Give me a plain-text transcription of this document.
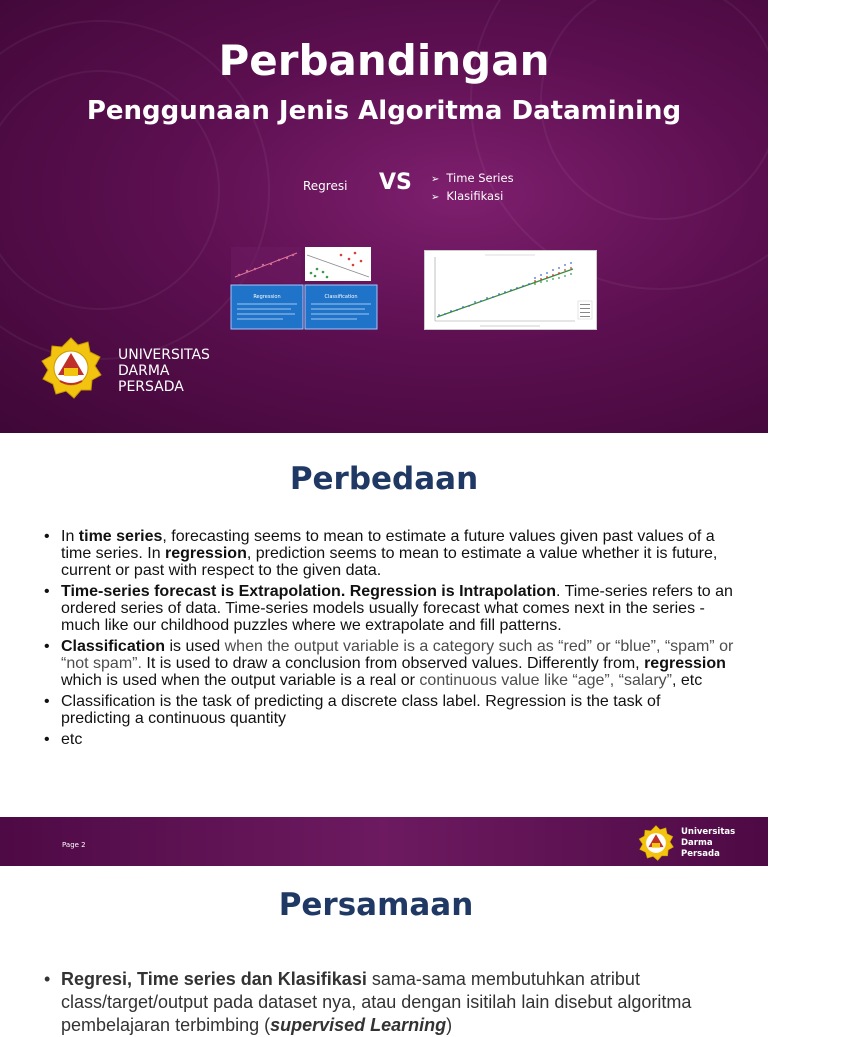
Perbandingan
Penggunaan Jenis Algoritma Datamining
Regresi VS
➢	Time Series
➢ Klasifikasi
Regression	Classification
UNIVERSITAS
DARMA
PERSADA
Perbedaan
• In time series, forecasting seems to mean to estimate a future values given past values of a time series. In regression, prediction seems to mean to estimate a value whether it is future, current or past with respect to the given data.
• Time-series forecast is Extrapolation. Regression is Intrapolation. Time-series refers to an ordered series of data. Time-series models usually forecast what comes next in the series - much like our childhood puzzles where we extrapolate and fill patterns.
• Classification is used when the output variable is a category such as “red” or “blue”, “spam” or “not spam”. It is used to draw a conclusion from observed values. Differently from, regression which is used when the output variable is a real or continuous value like “age”, “salary”, etc
• Classification is the task of predicting a discrete class label. Regression is the task of predicting a continuous quantity
• etc
Page 2
Universitas
Darma
Persada
Persamaan
• Regresi, Time series dan Klasifikasi sama-sama membutuhkan atribut class/target/output pada dataset nya, atau dengan isitilah lain disebut algoritma pembelajaran terbimbing (supervised Learning)
